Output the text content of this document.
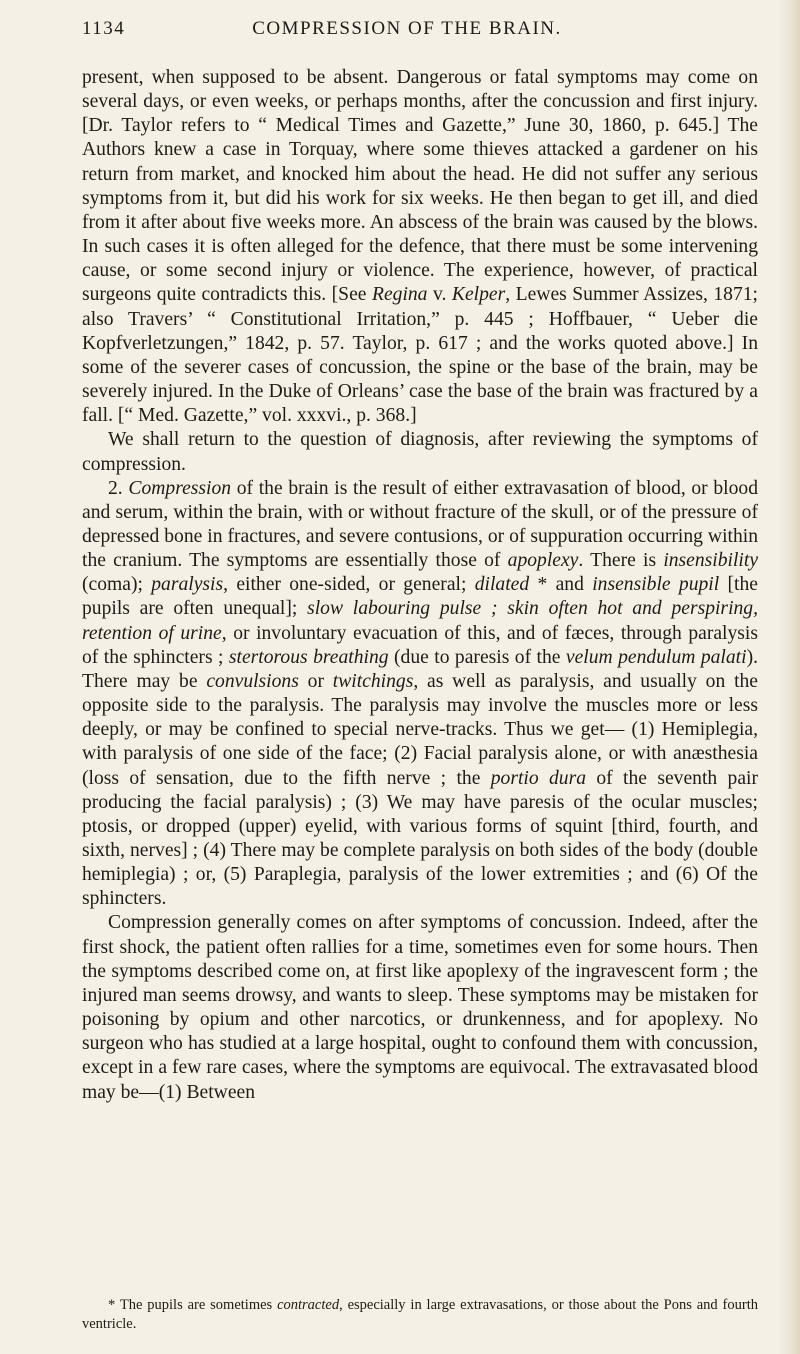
1134	COMPRESSION OF THE BRAIN.

present, when supposed to be absent. Dangerous or fatal symptoms may come on several days, or even weeks, or perhaps months, after the concussion and first injury. [Dr. Taylor refers to “ Medical Times and Gazette,” June 30, 1860, p. 645.] The Authors knew a case in Torquay, where some thieves attacked a gardener on his return from market, and knocked him about the head. He did not suffer any serious symptoms from it, but did his work for six weeks. He then began to get ill, and died from it after about five weeks more. An abscess of the brain was caused by the blows. In such cases it is often alleged for the defence, that there must be some intervening cause, or some second injury or violence. The experience, however, of practical surgeons quite contradicts this. [See Regina v. Kelper, Lewes Summer Assizes, 1871; also Travers’ “ Constitutional Irritation,” p. 445 ; Hoffbauer, “ Ueber die Kopfverletzungen,” 1842, p. 57. Taylor, p. 617 ; and the works quoted above.] In some of the severer cases of concussion, the spine or the base of the brain, may be severely injured. In the Duke of Orleans’ case the base of the brain was fractured by a fall. [“ Med. Gazette,” vol. xxxvi., p. 368.]

We shall return to the question of diagnosis, after reviewing the symptoms of compression.

2. Compression of the brain is the result of either extravasation of blood, or blood and serum, within the brain, with or without fracture of the skull, or of the pressure of depressed bone in fractures, and severe contusions, or of suppuration occurring within the cranium. The symptoms are essentially those of apoplexy. There is insensibility (coma); paralysis, either one-sided, or general; dilated * and insensible pupil [the pupils are often unequal]; slow labouring pulse ; skin often hot and perspiring, retention of urine, or involuntary evacuation of this, and of fæces, through paralysis of the sphincters ; stertorous breathing (due to paresis of the velum pendulum palati). There may be convulsions or twitchings, as well as paralysis, and usually on the opposite side to the paralysis. The paralysis may involve the muscles more or less deeply, or may be confined to special nerve-tracks. Thus we get— (1) Hemiplegia, with paralysis of one side of the face; (2) Facial paralysis alone, or with anæsthesia (loss of sensation, due to the fifth nerve ; the portio dura of the seventh pair producing the facial paralysis) ; (3) We may have paresis of the ocular muscles; ptosis, or dropped (upper) eyelid, with various forms of squint [third, fourth, and sixth, nerves] ; (4) There may be complete paralysis on both sides of the body (double hemiplegia) ; or, (5) Paraplegia, paralysis of the lower extremities ; and (6) Of the sphincters.

Compression generally comes on after symptoms of concussion. Indeed, after the first shock, the patient often rallies for a time, sometimes even for some hours. Then the symptoms described come on, at first like apoplexy of the ingravescent form ; the injured man seems drowsy, and wants to sleep. These symptoms may be mistaken for poisoning by opium and other narcotics, or drunkenness, and for apoplexy. No surgeon who has studied at a large hospital, ought to confound them with concussion, except in a few rare cases, where the symptoms are equivocal. The extravasated blood may be—(1) Between

* The pupils are sometimes contracted, especially in large extravasations, or those about the Pons and fourth ventricle.
